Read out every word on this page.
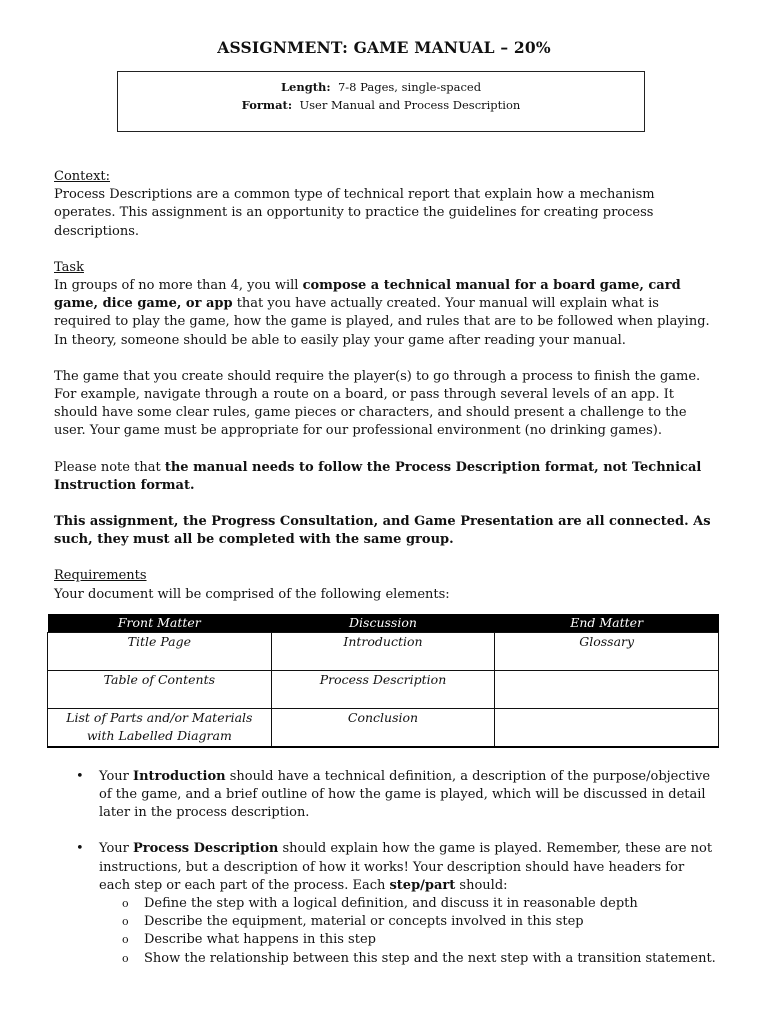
ASSIGNMENT: GAME MANUAL – 20%
Length: 7-8 Pages, single-spaced
Format: User Manual and Process Description

Context:

Process Descriptions are a common type of technical report that explain how a mechanism operates. This assignment is an opportunity to practice the guidelines for creating process descriptions.

Task

In groups of no more than 4, you will compose a technical manual for a board game, card game, dice game, or app that you have actually created. Your manual will explain what is required to play the game, how the game is played, and rules that are to be followed when playing. In theory, someone should be able to easily play your game after reading your manual.

The game that you create should require the player(s) to go through a process to finish the game. For example, navigate through a route on a board, or pass through several levels of an app. It should have some clear rules, game pieces or characters, and should present a challenge to the user. Your game must be appropriate for our professional environment (no drinking games).

Please note that the manual needs to follow the Process Description format, not Technical Instruction format.

This assignment, the Progress Consultation, and Game Presentation are all connected. As such, they must all be completed with the same group.

Requirements

Your document will be comprised of the following elements:

Front Matter	Discussion	End Matter
Title Page	Introduction	Glossary
Table of Contents	Process Description	
List of Parts and/or Materials with Labelled Diagram	Conclusion	
• Your Introduction should have a technical definition, a description of the purpose/objective of the game, and a brief outline of how the game is played, which will be discussed in detail later in the process description.
• Your Process Description should explain how the game is played. Remember, these are not instructions, but a description of how it works! Your description should have headers for each step or each part of the process. Each step/part should:
o Define the step with a logical definition, and discuss it in reasonable depth
o Describe the equipment, material or concepts involved in this step
o Describe what happens in this step
o Show the relationship between this step and the next step with a transition statement.
